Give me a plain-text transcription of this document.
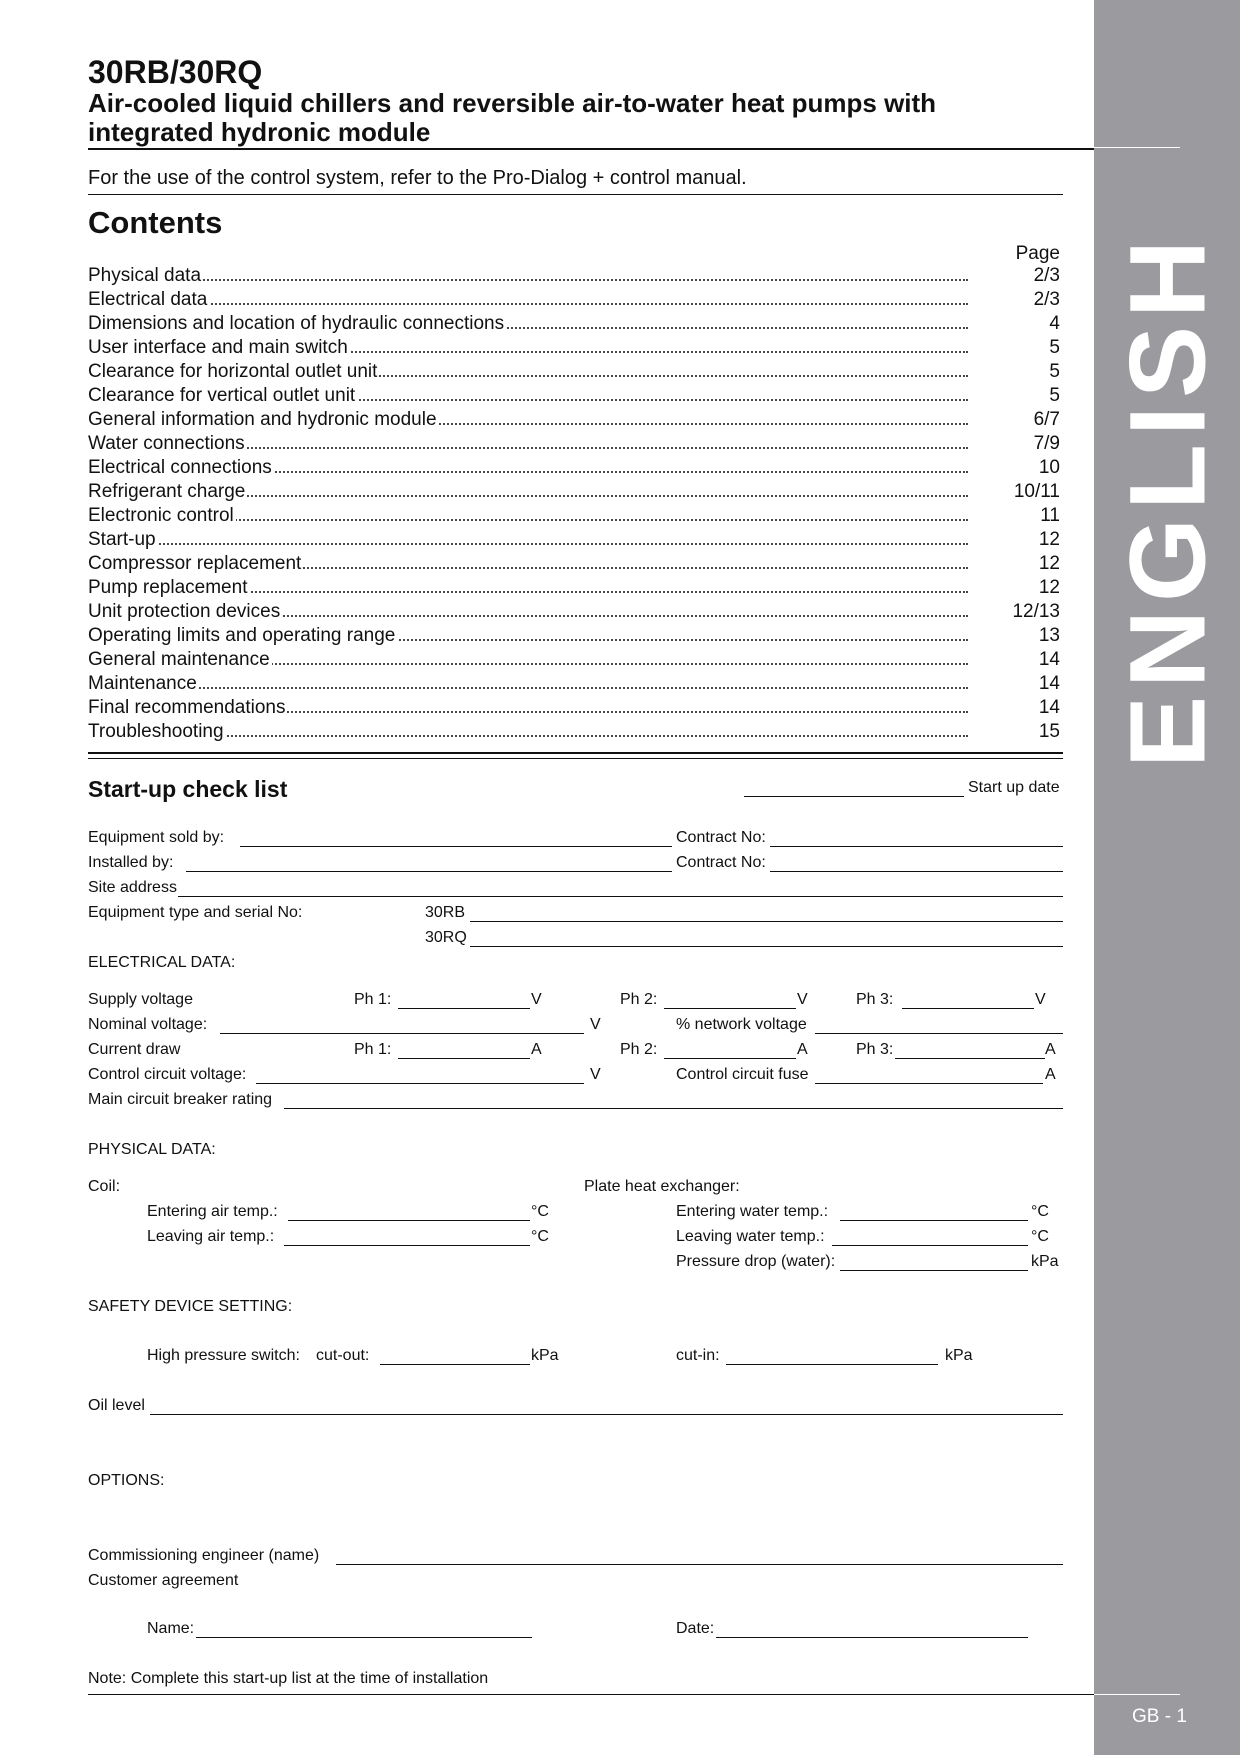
ENGLISH
GB - 1
30RB/30RQ
Air-cooled liquid chillers and reversible air-to-water heat pumps with integrated hydronic module
For the use of the control system, refer to the Pro-Dialog + control manual.
Contents
Page
Physical data	2/3
Electrical data	2/3
Dimensions and location of hydraulic connections	4
User interface and main switch	5
Clearance for horizontal outlet unit	5
Clearance for vertical outlet unit	5
General information and hydronic module	6/7
Water connections	7/9
Electrical connections	10
Refrigerant charge	10/11
Electronic control	11
Start-up	12
Compressor replacement	12
Pump replacement	12
Unit protection devices	12/13
Operating limits and operating range	13
General maintenance	14
Maintenance	14
Final recommendations	14
Troubleshooting	15
Start-up check list	Start up date
Equipment sold by:	Contract No:
Installed by:	Contract No:
Site address
Equipment type and serial No:	30RB
30RQ
ELECTRICAL DATA:
Supply voltage	Ph 1:	V	Ph 2:	V	Ph 3:	V
Nominal voltage:	V	% network voltage
Current draw	Ph 1:	A	Ph 2:	A	Ph 3:	A
Control circuit voltage:	V	Control circuit fuse	A
Main circuit breaker rating
PHYSICAL DATA:
Coil:	Plate heat exchanger:
Entering air temp.:	°C	Entering water temp.:	°C
Leaving air temp.:	°C	Leaving water temp.:	°C
Pressure drop (water):	kPa
SAFETY DEVICE SETTING:
High pressure switch: cut-out:	kPa	cut-in:	kPa
Oil level
OPTIONS:
Commissioning engineer (name)
Customer agreement
Name:	Date:
Note: Complete this start-up list at the time of installation
